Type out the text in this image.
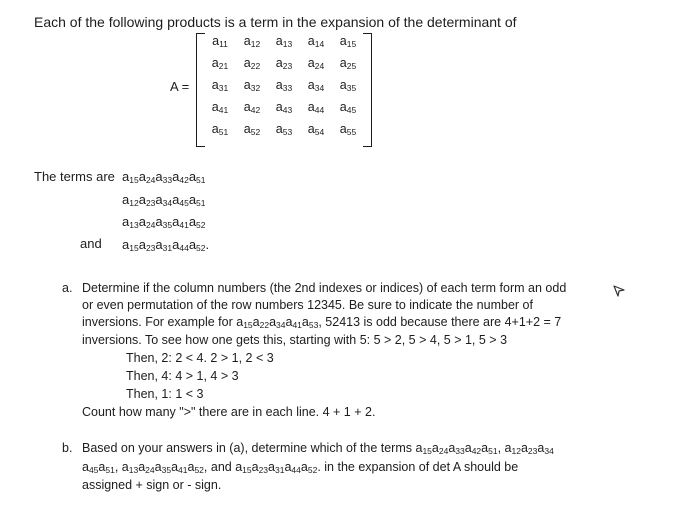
Each of the following products is a term in the expansion of the determinant of
A =
$a_{11}$	$a_{12}$	$a_{13}$	$a_{14}$	$a_{15}$
$a_{21}$	$a_{22}$	$a_{23}$	$a_{24}$	$a_{25}$
$a_{31}$	$a_{32}$	$a_{33}$	$a_{34}$	$a_{35}$
$a_{41}$	$a_{42}$	$a_{43}$	$a_{44}$	$a_{45}$
$a_{51}$	$a_{52}$	$a_{53}$	$a_{54}$	$a_{55}$
The terms are
and
$a_{15}a_{24}a_{33}a_{42}a_{51}$
$a_{12}a_{23}a_{34}a_{45}a_{51}$
$a_{13}a_{24}a_{35}a_{41}a_{52}$
$a_{15}a_{23}a_{31}a_{44}a_{52}$.
a. Determine if the column numbers (the 2nd indexes or indices) of each term form an odd
or even permutation of the row numbers 12345. Be sure to indicate the number of
inversions. For example for $a_{15}a_{22}a_{34}a_{41}a_{53}$, 52413 is odd because there are 4+1+2 = 7
inversions. To see how one gets this, starting with 5: 5 > 2, 5 > 4, 5 > 1, 5 > 3
Then, 2: 2 < 4. 2 > 1, 2 < 3
Then, 4: 4 > 1, 4 > 3
Then, 1: 1 < 3
Count how many ">" there are in each line. 4 + 1 + 2.
b. Based on your answers in (a), determine which of the terms $a_{15}a_{24}a_{33}a_{42}a_{51}$, $a_{12}a_{23}a_{34}$
$a_{45}a_{51}$, $a_{13}a_{24}a_{35}a_{41}a_{52}$, and $a_{15}a_{23}a_{31}a_{44}a_{52}$. in the expansion of det A should be
assigned + sign or - sign.
